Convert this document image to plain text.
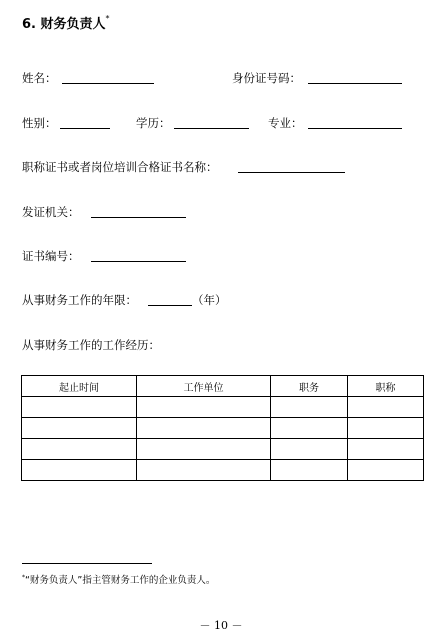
6. 财务负责人*
姓名：	身份证号码：
性别：	学历：	专业：
职称证书或者岗位培训合格证书名称：
发证机关：
证书编号：
从事财务工作的年限：	（年）
从事财务工作的工作经历：
起止时间	工作单位	职务	职称

*“财务负责人”指主管财务工作的企业负责人。
－ 10 －
